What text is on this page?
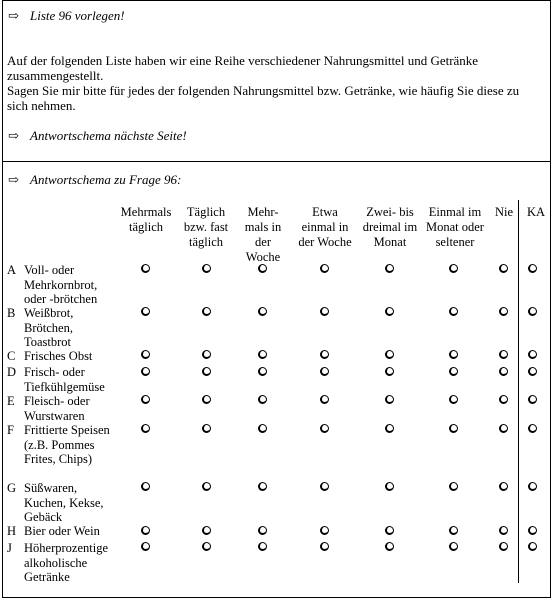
⇨ Liste 96 vorlegen!
Auf der folgenden Liste haben wir eine Reihe verschiedener Nahrungsmittel und Getränke zusammengestellt.
Sagen Sie mir bitte für jedes der folgenden Nahrungsmittel bzw. Getränke, wie häufig Sie diese zu sich nehmen.
⇨ Antwortschema nächste Seite!
⇨ Antwortschema zu Frage 96:
Mehrmals täglich
Täglich bzw. fast täglich
Mehr-mals in der Woche
Etwa einmal in der Woche
Zwei- bis dreimal im Monat
Einmal im Monat oder seltener
Nie	KA
A Voll- oder Mehrkornbrot, oder -brötchen
B Weißbrot, Brötchen, Toastbrot
C Frisches Obst
D Frisch- oder Tiefkühlgemüse
E Fleisch- oder Wurstwaren
F Frittierte Speisen (z.B. Pommes Frites, Chips)
G Süßwaren, Kuchen, Kekse, Gebäck
H Bier oder Wein
J Höherprozentige alkoholische Getränke
